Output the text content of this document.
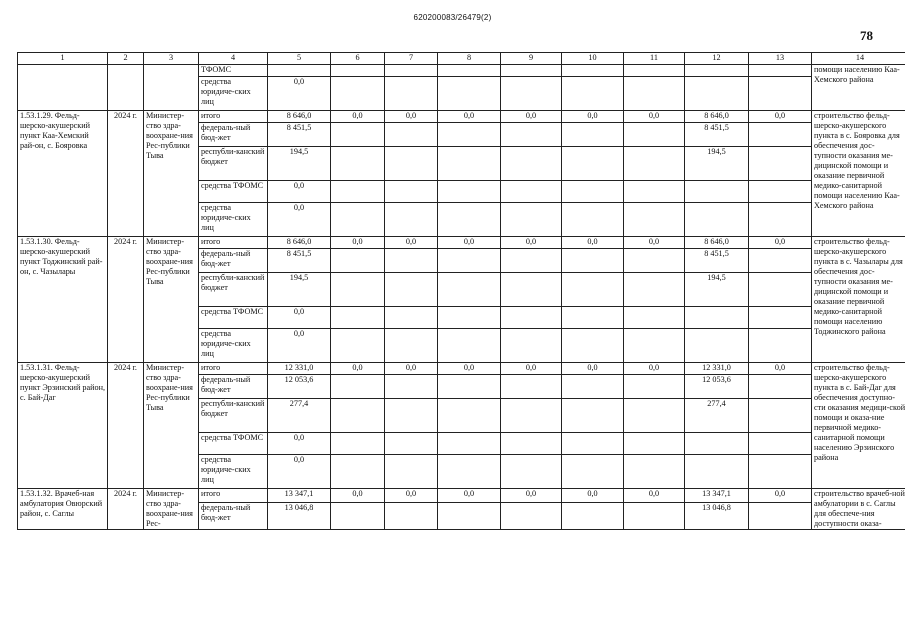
620200083/26479(2)
78
1	2	3	4	5	6	7	8	9	10	11	12	13	14
			ТФОМС										помощи населению Каа-Хемского района
			средства юридиче-ских лиц	0,0									
1.53.1.29. Фельд-шерско-акушерский пункт Каа-Хемский рай-он, с. Бояровка	2024 г.	Министер-ство здра-воохране-ния Рес-публики Тыва	итого	8 646,0	0,0	0,0	0,0	0,0	0,0	0,0	8 646,0	0,0	строительство фельд-шерско-акушерского пункта в с. Бояровка для обеспечения дос-тупности оказания ме-дицинской помощи и оказание первичной медико-санитарной помощи населению Каа-Хемского района
			федераль-ный бюд-жет	8 451,5							8 451,5		
			республи-канский бюджет	194,5							194,5		
			средства ТФОМС	0,0									
			средства юридиче-ских лиц	0,0									
1.53.1.30. Фельд-шерско-акушерский пункт Тоджинский рай-он, с. Чазылары	2024 г.	Министер-ство здра-воохране-ния Рес-публики Тыва	итого	8 646,0	0,0	0,0	0,0	0,0	0,0	0,0	8 646,0	0,0	строительство фельд-шерско-акушерского пункта в с. Чазылары для обеспечения дос-тупности оказания ме-дицинской помощи и оказание первичной медико-санитарной помощи населению Тоджинского района
			федераль-ный бюд-жет	8 451,5							8 451,5		
			республи-канский бюджет	194,5							194,5		
			средства ТФОМС	0,0									
			средства юридиче-ских лиц	0,0									
1.53.1.31. Фельд-шерско-акушерский пункт Эрзинский район, с. Бай-Даг	2024 г.	Министер-ство здра-воохране-ния Рес-публики Тыва	итого	12 331,0	0,0	0,0	0,0	0,0	0,0	0,0	12 331,0	0,0	строительство фельд-шерско-акушерского пункта в с. Бай-Даг для обеспечения доступно-сти оказания медици-ской помощи и оказа-ние первичной медико-санитарной помощи населению Эрзинского района
			федераль-ный бюд-жет	12 053,6							12 053,6		
			республи-канский бюджет	277,4							277,4		
			средства ТФОМС	0,0									
			средства юридиче-ских лиц	0,0									
1.53.1.32. Врачеб-ная амбулатория Овюрский район, с. Саглы	2024 г.	Министер-ство здра-воохране-ния Рес-	итого	13 347,1	0,0	0,0	0,0	0,0	0,0	0,0	13 347,1	0,0	строительство врачеб-ной амбулатории в с. Саглы для обеспече-ния доступности оказа-
			федераль-ный бюд-жет	13 046,8							13 046,8		
